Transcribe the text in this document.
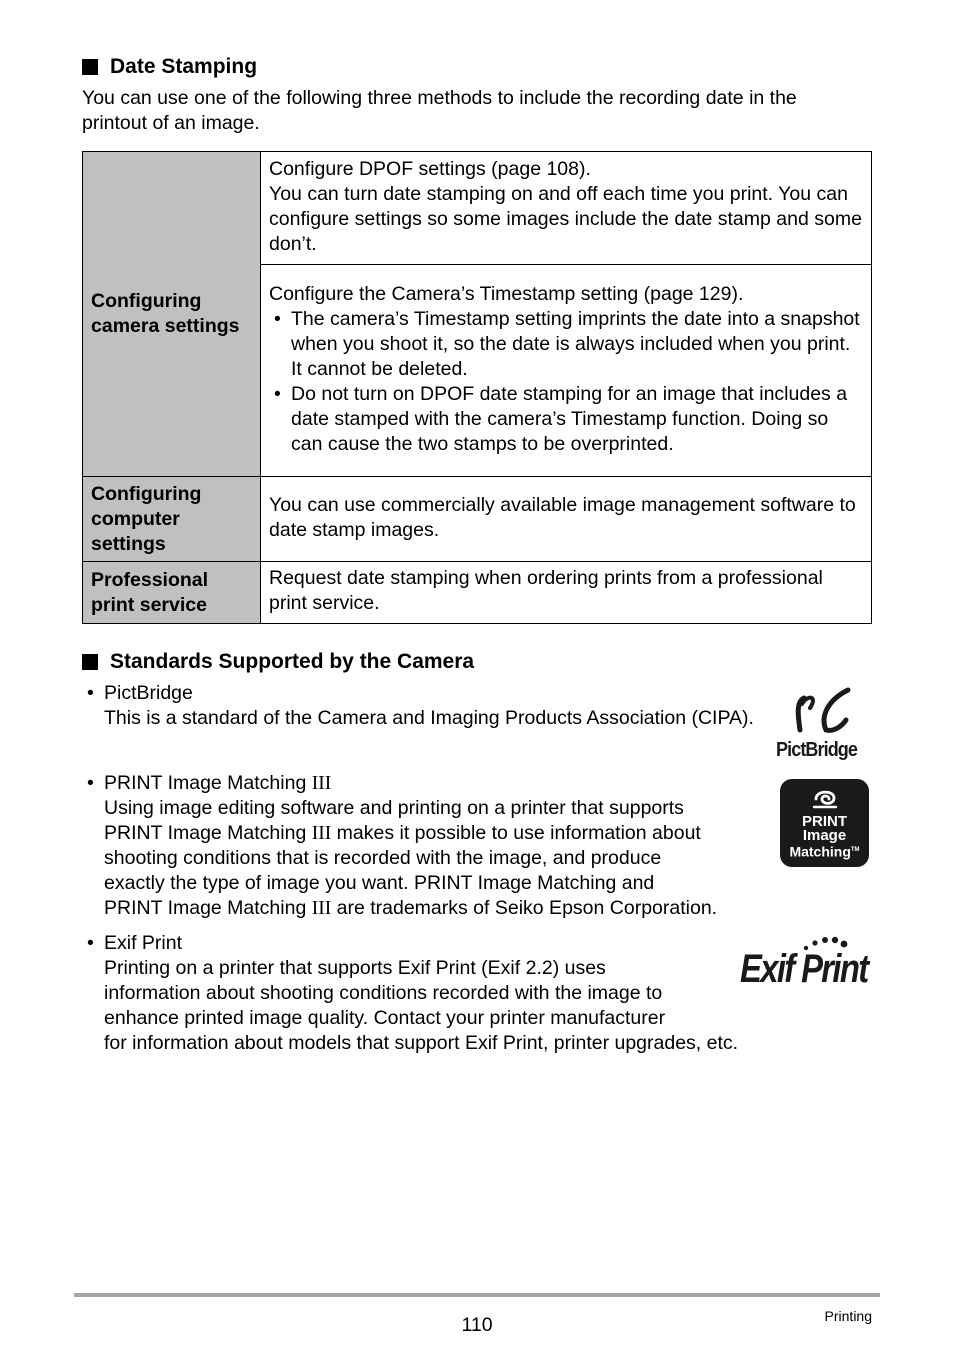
Date Stamping
You can use one of the following three methods to include the recording date in the
printout of an image.
Configuring camera settings	Configure DPOF settings (page 108).
You can turn date stamping on and off each time you print. You can configure settings so some images include the date stamp and some don’t.

	Configure the Camera’s Timestamp setting (page 129).
• The camera’s Timestamp setting imprints the date into a snapshot when you shoot it, so the date is always included when you print. It cannot be deleted.
• Do not turn on DPOF date stamping for an image that includes a date stamped with the camera’s Timestamp function. Doing so can cause the two stamps to be overprinted.

Configuring computer settings	You can use commercially available image management software to date stamp images.
Professional print service	Request date stamping when ordering prints from a professional print service.
Standards Supported by the Camera
• PictBridge
This is a standard of the Camera and Imaging Products Association (CIPA).
PictBridge
• PRINT Image Matching III
Using image editing software and printing on a printer that supports
PRINT Image Matching III makes it possible to use information about
shooting conditions that is recorded with the image, and produce
exactly the type of image you want. PRINT Image Matching and
PRINT Image Matching III are trademarks of Seiko Epson Corporation.
PRINT
Image
Matching™
• Exif Print
Printing on a printer that supports Exif Print (Exif 2.2) uses
information about shooting conditions recorded with the image to
enhance printed image quality. Contact your printer manufacturer
for information about models that support Exif Print, printer upgrades, etc.
Exif Print
110	Printing
